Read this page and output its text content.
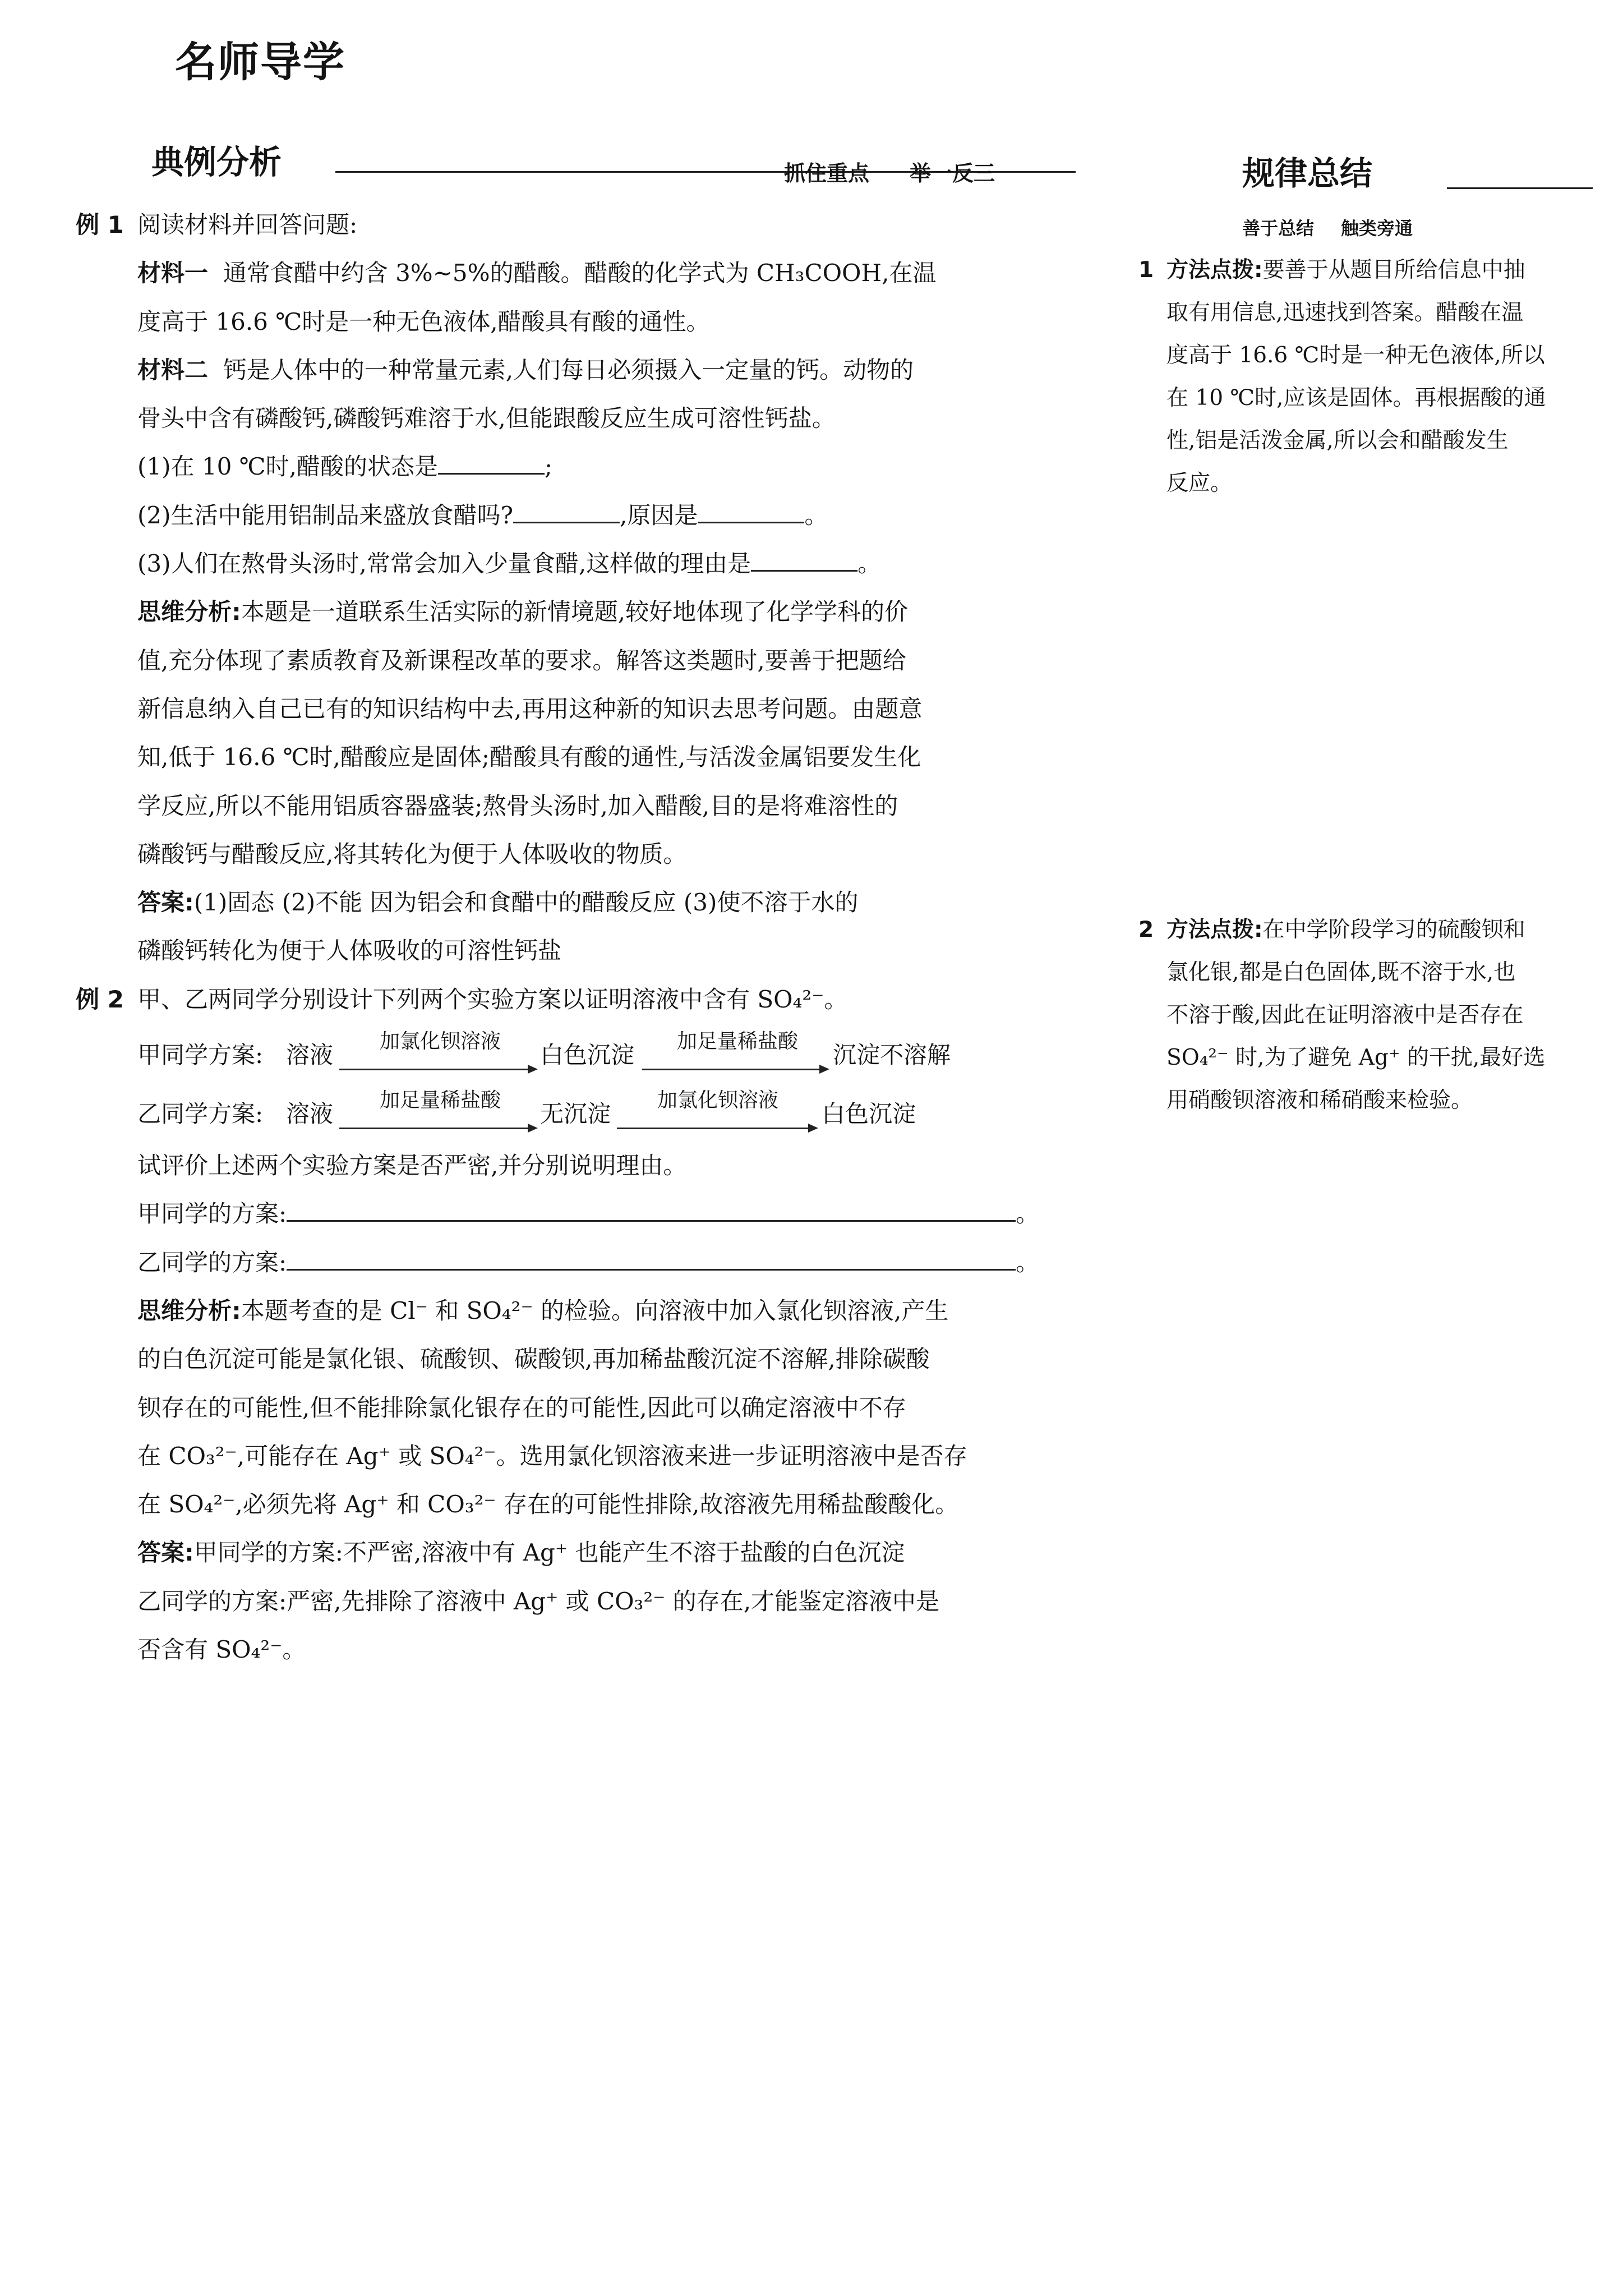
名师导学
典例分析	抓住重点 举一反三	规律总结
善于总结 触类旁通
例 1 阅读材料并回答问题:
材料一 通常食醋中约含 3%~5%的醋酸。醋酸的化学式为 CH₃COOH,在温
度高于 16.6 ℃时是一种无色液体,醋酸具有酸的通性。
材料二 钙是人体中的一种常量元素,人们每日必须摄入一定量的钙。动物的
骨头中含有磷酸钙,磷酸钙难溶于水,但能跟酸反应生成可溶性钙盐。
(1)在 10 ℃时,醋酸的状态是	;
(2)生活中能用铝制品来盛放食醋吗?	,原因是	。
(3)人们在熬骨头汤时,常常会加入少量食醋,这样做的理由是	。
思维分析:本题是一道联系生活实际的新情境题,较好地体现了化学学科的价
值,充分体现了素质教育及新课程改革的要求。解答这类题时,要善于把题给
新信息纳入自己已有的知识结构中去,再用这种新的知识去思考问题。由题意
知,低于 16.6 ℃时,醋酸应是固体;醋酸具有酸的通性,与活泼金属铝要发生化
学反应,所以不能用铝质容器盛装;熬骨头汤时,加入醋酸,目的是将难溶性的
磷酸钙与醋酸反应,将其转化为便于人体吸收的物质。
答案:(1)固态 (2)不能 因为铝会和食醋中的醋酸反应 (3)使不溶于水的
磷酸钙转化为便于人体吸收的可溶性钙盐
例 2 甲、乙两同学分别设计下列两个实验方案以证明溶液中含有 SO₄²⁻。
甲同学方案: 溶液	加氯化钡溶液	白色沉淀	加足量稀盐酸	沉淀不溶解
乙同学方案: 溶液	加足量稀盐酸	无沉淀	加氯化钡溶液	白色沉淀
试评价上述两个实验方案是否严密,并分别说明理由。
甲同学的方案:	。
乙同学的方案:	。
思维分析:本题考查的是 Cl⁻ 和 SO₄²⁻ 的检验。向溶液中加入氯化钡溶液,产生
的白色沉淀可能是氯化银、硫酸钡、碳酸钡,再加稀盐酸沉淀不溶解,排除碳酸
钡存在的可能性,但不能排除氯化银存在的可能性,因此可以确定溶液中不存
在 CO₃²⁻,可能存在 Ag⁺ 或 SO₄²⁻。选用氯化钡溶液来进一步证明溶液中是否存
在 SO₄²⁻,必须先将 Ag⁺ 和 CO₃²⁻ 存在的可能性排除,故溶液先用稀盐酸酸化。
答案:甲同学的方案:不严密,溶液中有 Ag⁺ 也能产生不溶于盐酸的白色沉淀
乙同学的方案:严密,先排除了溶液中 Ag⁺ 或 CO₃²⁻ 的存在,才能鉴定溶液中是
否含有 SO₄²⁻。
1 方法点拨:要善于从题目所给信息中抽
取有用信息,迅速找到答案。醋酸在温
度高于 16.6 ℃时是一种无色液体,所以
在 10 ℃时,应该是固体。再根据酸的通
性,铝是活泼金属,所以会和醋酸发生
反应。
2 方法点拨:在中学阶段学习的硫酸钡和
氯化银,都是白色固体,既不溶于水,也
不溶于酸,因此在证明溶液中是否存在
SO₄²⁻ 时,为了避免 Ag⁺ 的干扰,最好选
用硝酸钡溶液和稀硝酸来检验。
